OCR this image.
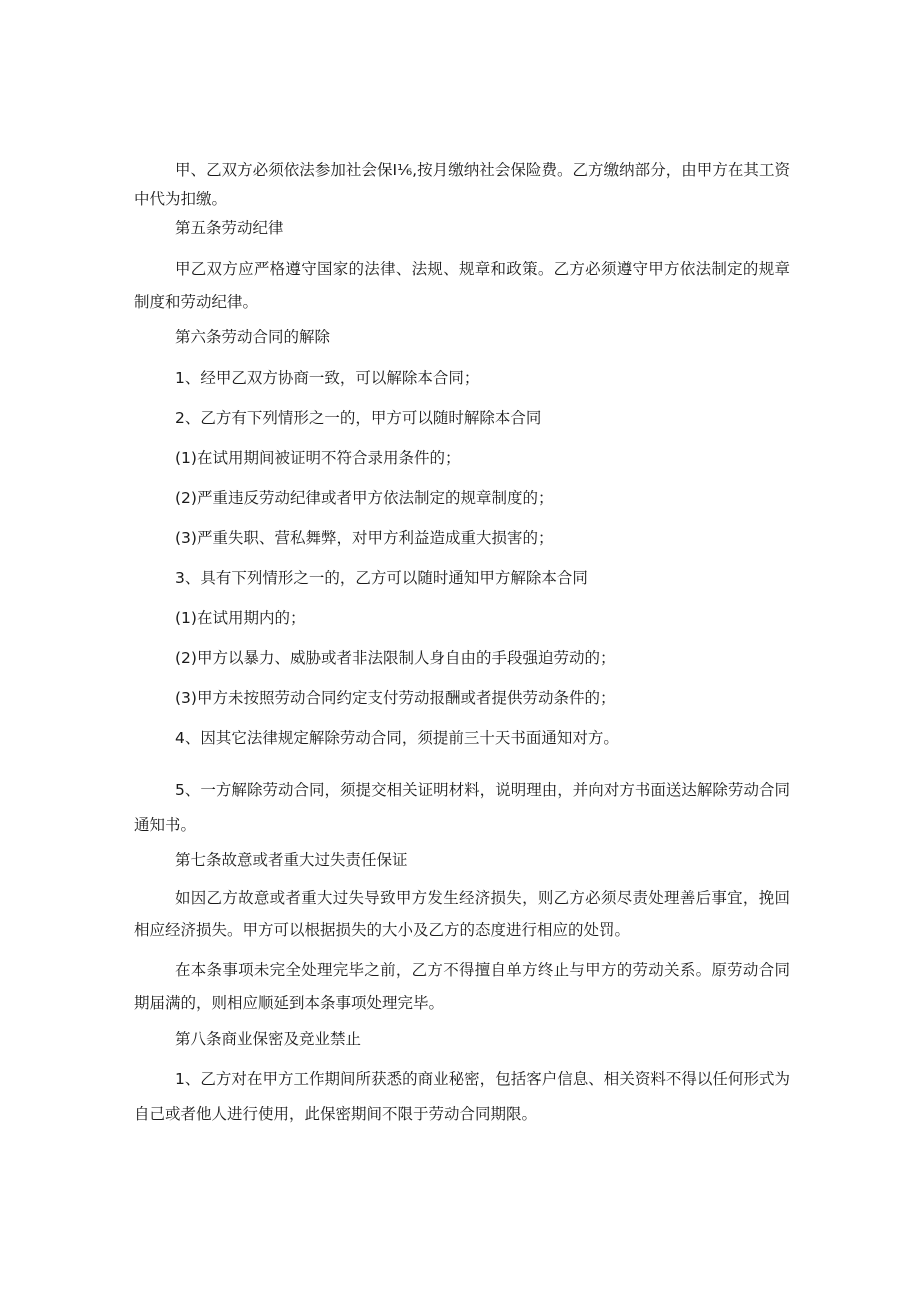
甲、乙双方必须依法参加社会保I⅙,按月缴纳社会保险费。乙方缴纳部分，由甲方在其工资中代为扣缴。

第五条劳动纪律

甲乙双方应严格遵守国家的法律、法规、规章和政策。乙方必须遵守甲方依法制定的规章制度和劳动纪律。

第六条劳动合同的解除

1、经甲乙双方协商一致，可以解除本合同；

2、乙方有下列情形之一的，甲方可以随时解除本合同

(1)在试用期间被证明不符合录用条件的；

(2)严重违反劳动纪律或者甲方依法制定的规章制度的；

(3)严重失职、营私舞弊，对甲方利益造成重大损害的；

3、具有下列情形之一的，乙方可以随时通知甲方解除本合同

(1)在试用期内的；

(2)甲方以暴力、威胁或者非法限制人身自由的手段强迫劳动的；

(3)甲方未按照劳动合同约定支付劳动报酬或者提供劳动条件的；

4、因其它法律规定解除劳动合同，须提前三十天书面通知对方。

5、一方解除劳动合同，须提交相关证明材料，说明理由，并向对方书面送达解除劳动合同通知书。

第七条故意或者重大过失责任保证

如因乙方故意或者重大过失导致甲方发生经济损失，则乙方必须尽责处理善后事宜，挽回相应经济损失。甲方可以根据损失的大小及乙方的态度进行相应的处罚。

在本条事项未完全处理完毕之前，乙方不得擅自单方终止与甲方的劳动关系。原劳动合同期届满的，则相应顺延到本条事项处理完毕。

第八条商业保密及竞业禁止

1、乙方对在甲方工作期间所获悉的商业秘密，包括客户信息、相关资料不得以任何形式为自己或者他人进行使用，此保密期间不限于劳动合同期限。
